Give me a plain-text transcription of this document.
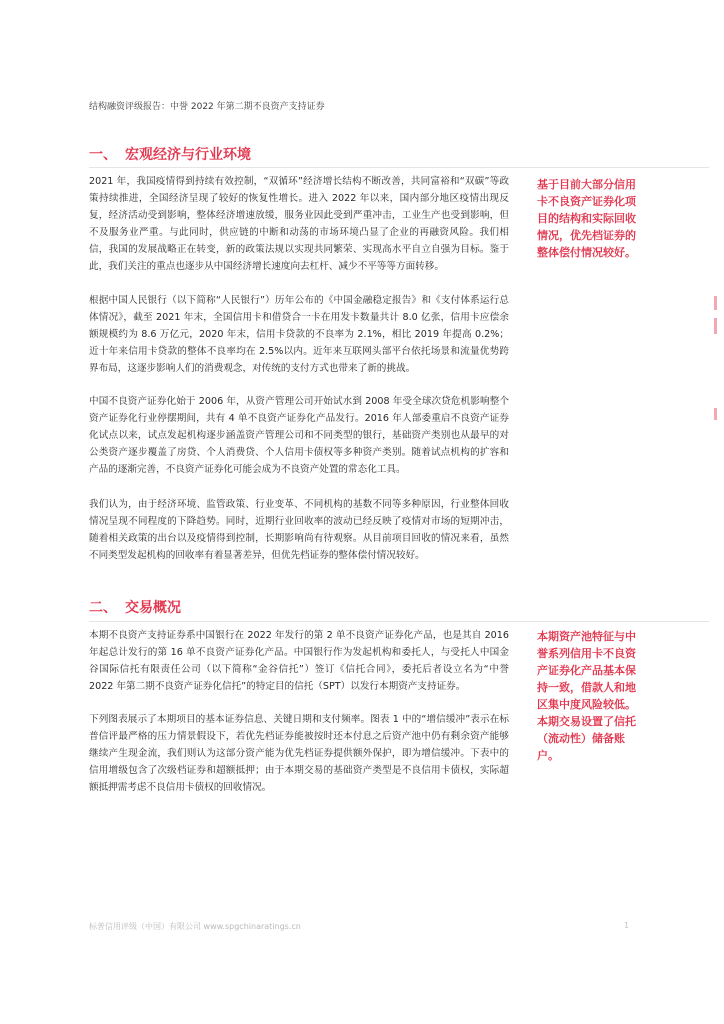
结构融资评级报告：中誉 2022 年第二期不良资产支持证券
一、 宏观经济与行业环境

2021 年，我国疫情得到持续有效控制，“双循环”经济增长结构不断改善，共同富裕和“双碳”等政策持续推进，全国经济呈现了较好的恢复性增长。进入 2022 年以来，国内部分地区疫情出现反复，经济活动受到影响，整体经济增速放缓，服务业因此受到严重冲击，工业生产也受到影响，但不及服务业严重。与此同时，供应链的中断和动荡的市场环境凸显了企业的再融资风险。我们相信，我国的发展战略正在转变，新的政策法规以实现共同繁荣、实现高水平自立自强为目标。鉴于此，我们关注的重点也逐步从中国经济增长速度向去杠杆、减少不平等等方面转移。

根据中国人民银行（以下简称“人民银行”）历年公布的《中国金融稳定报告》和《支付体系运行总体情况》，截至 2021 年末，全国信用卡和借贷合一卡在用发卡数量共计 8.0 亿张，信用卡应偿余额规模约为 8.6 万亿元，2020 年末，信用卡贷款的不良率为 2.1%，相比 2019 年提高 0.2%；近十年来信用卡贷款的整体不良率均在 2.5%以内。近年来互联网头部平台依托场景和流量优势跨界布局，这逐步影响人们的消费观念，对传统的支付方式也带来了新的挑战。

中国不良资产证券化始于 2006 年，从资产管理公司开始试水到 2008 年受全球次贷危机影响整个资产证券化行业停摆期间，共有 4 单不良资产证券化产品发行。2016 年人部委重启不良资产证券化试点以来，试点发起机构逐步涵盖资产管理公司和不同类型的银行，基础资产类别也从最早的对公类资产逐步覆盖了房贷、个人消费贷、个人信用卡债权等多种资产类别。随着试点机构的扩容和产品的逐渐完善，不良资产证券化可能会成为不良资产处置的常态化工具。

我们认为，由于经济环境、监管政策、行业变革、不同机构的基数不同等多种原因，行业整体回收情况呈现不同程度的下降趋势。同时，近期行业回收率的波动已经反映了疫情对市场的短期冲击，随着相关政策的出台以及疫情得到控制，长期影响尚有待观察。从目前项目回收的情况来看，虽然不同类型发起机构的回收率有着显著差异，但优先档证券的整体偿付情况较好。

基于目前大部分信用卡不良资产证券化项目的结构和实际回收情况，优先档证券的整体偿付情况较好。

二、 交易概况

本期不良资产支持证券系中国银行在 2022 年发行的第 2 单不良资产证券化产品，也是其自 2016 年起总计发行的第 16 单不良资产证券化产品。中国银行作为发起机构和委托人，与受托人中国金谷国际信托有限责任公司（以下简称“金谷信托”）签订《信托合同》，委托后者设立名为“中誉 2022 年第二期不良资产证券化信托”的特定目的信托（SPT）以发行本期资产支持证券。

下列图表展示了本期项目的基本证券信息、关键日期和支付频率。图表 1 中的“增信缓冲”表示在标普信评最严格的压力情景假设下，若优先档证券能被按时还本付息之后资产池中仍有剩余资产能够继续产生现金流，我们则认为这部分资产能为优先档证券提供额外保护，即为增信缓冲。下表中的信用增级包含了次级档证券和超额抵押；由于本期交易的基础资产类型是不良信用卡债权，实际超额抵押需考虑不良信用卡债权的回收情况。

本期资产池特征与中誉系列信用卡不良资产证券化产品基本保持一致，借款人和地区集中度风险较低。本期交易设置了信托（流动性）储备账户。

标普信用评级（中国）有限公司 www.spgchinaratings.cn	1
